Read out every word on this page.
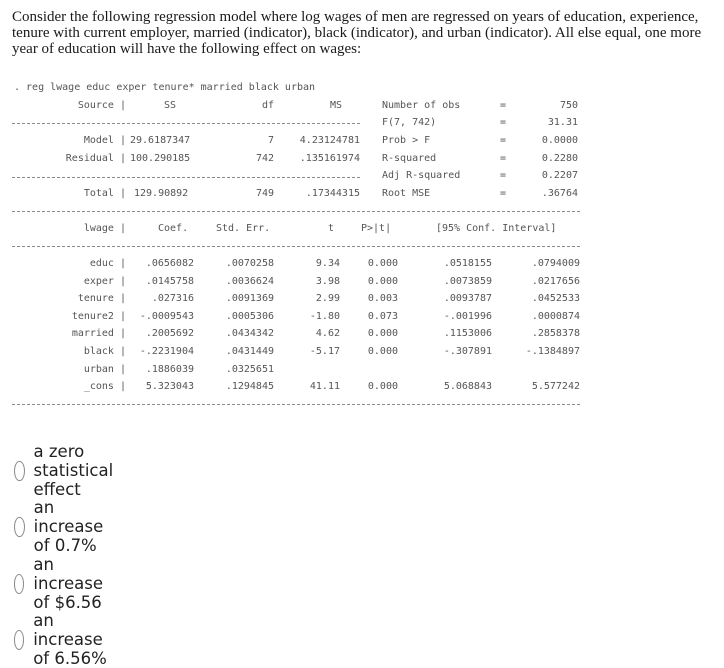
Consider the following regression model where log wages of men are regressed on years of education, experience, tenure with current employer, married (indicator), black (indicator), and urban (indicator). All else equal, one more year of education will have the following effect on wages:
. reg lwage educ exper tenure* married black urban
Source |	SS	df	MS
Model | 29.6187347	7	4.23124781
Residual | 100.290185	742	.135161974
Total | 129.90892	749	.17344315
Number of obs	=	750
F(7, 742)	=	31.31
Prob > F	=	0.0000
R-squared	=	0.2280
Adj R-squared	=	0.2207
Root MSE	=	.36764
lwage |	Coef.	Std. Err.	t	P>|t|	[95% Conf. Interval]
educ |	.0656082	.0070258	9.34	0.000	.0518155	.0794009
exper |	.0145758	.0036624	3.98	0.000	.0073859	.0217656
tenure |	.027316	.0091369	2.99	0.003	.0093787	.0452533
tenure2 |	-.0009543	.0005306	-1.80	0.073	-.001996	.0000874
married |	.2005692	.0434342	4.62	0.000	.1153006	.2858378
black |	-.2231904	.0431449	-5.17	0.000	-.307891	-.1384897
urban |	.1886039	.0325651
_cons |	5.323043	.1294845	41.11	0.000	5.068843	5.577242
a zero statistical effect
an increase of 0.7%
an increase of $6.56
an increase of 6.56%
